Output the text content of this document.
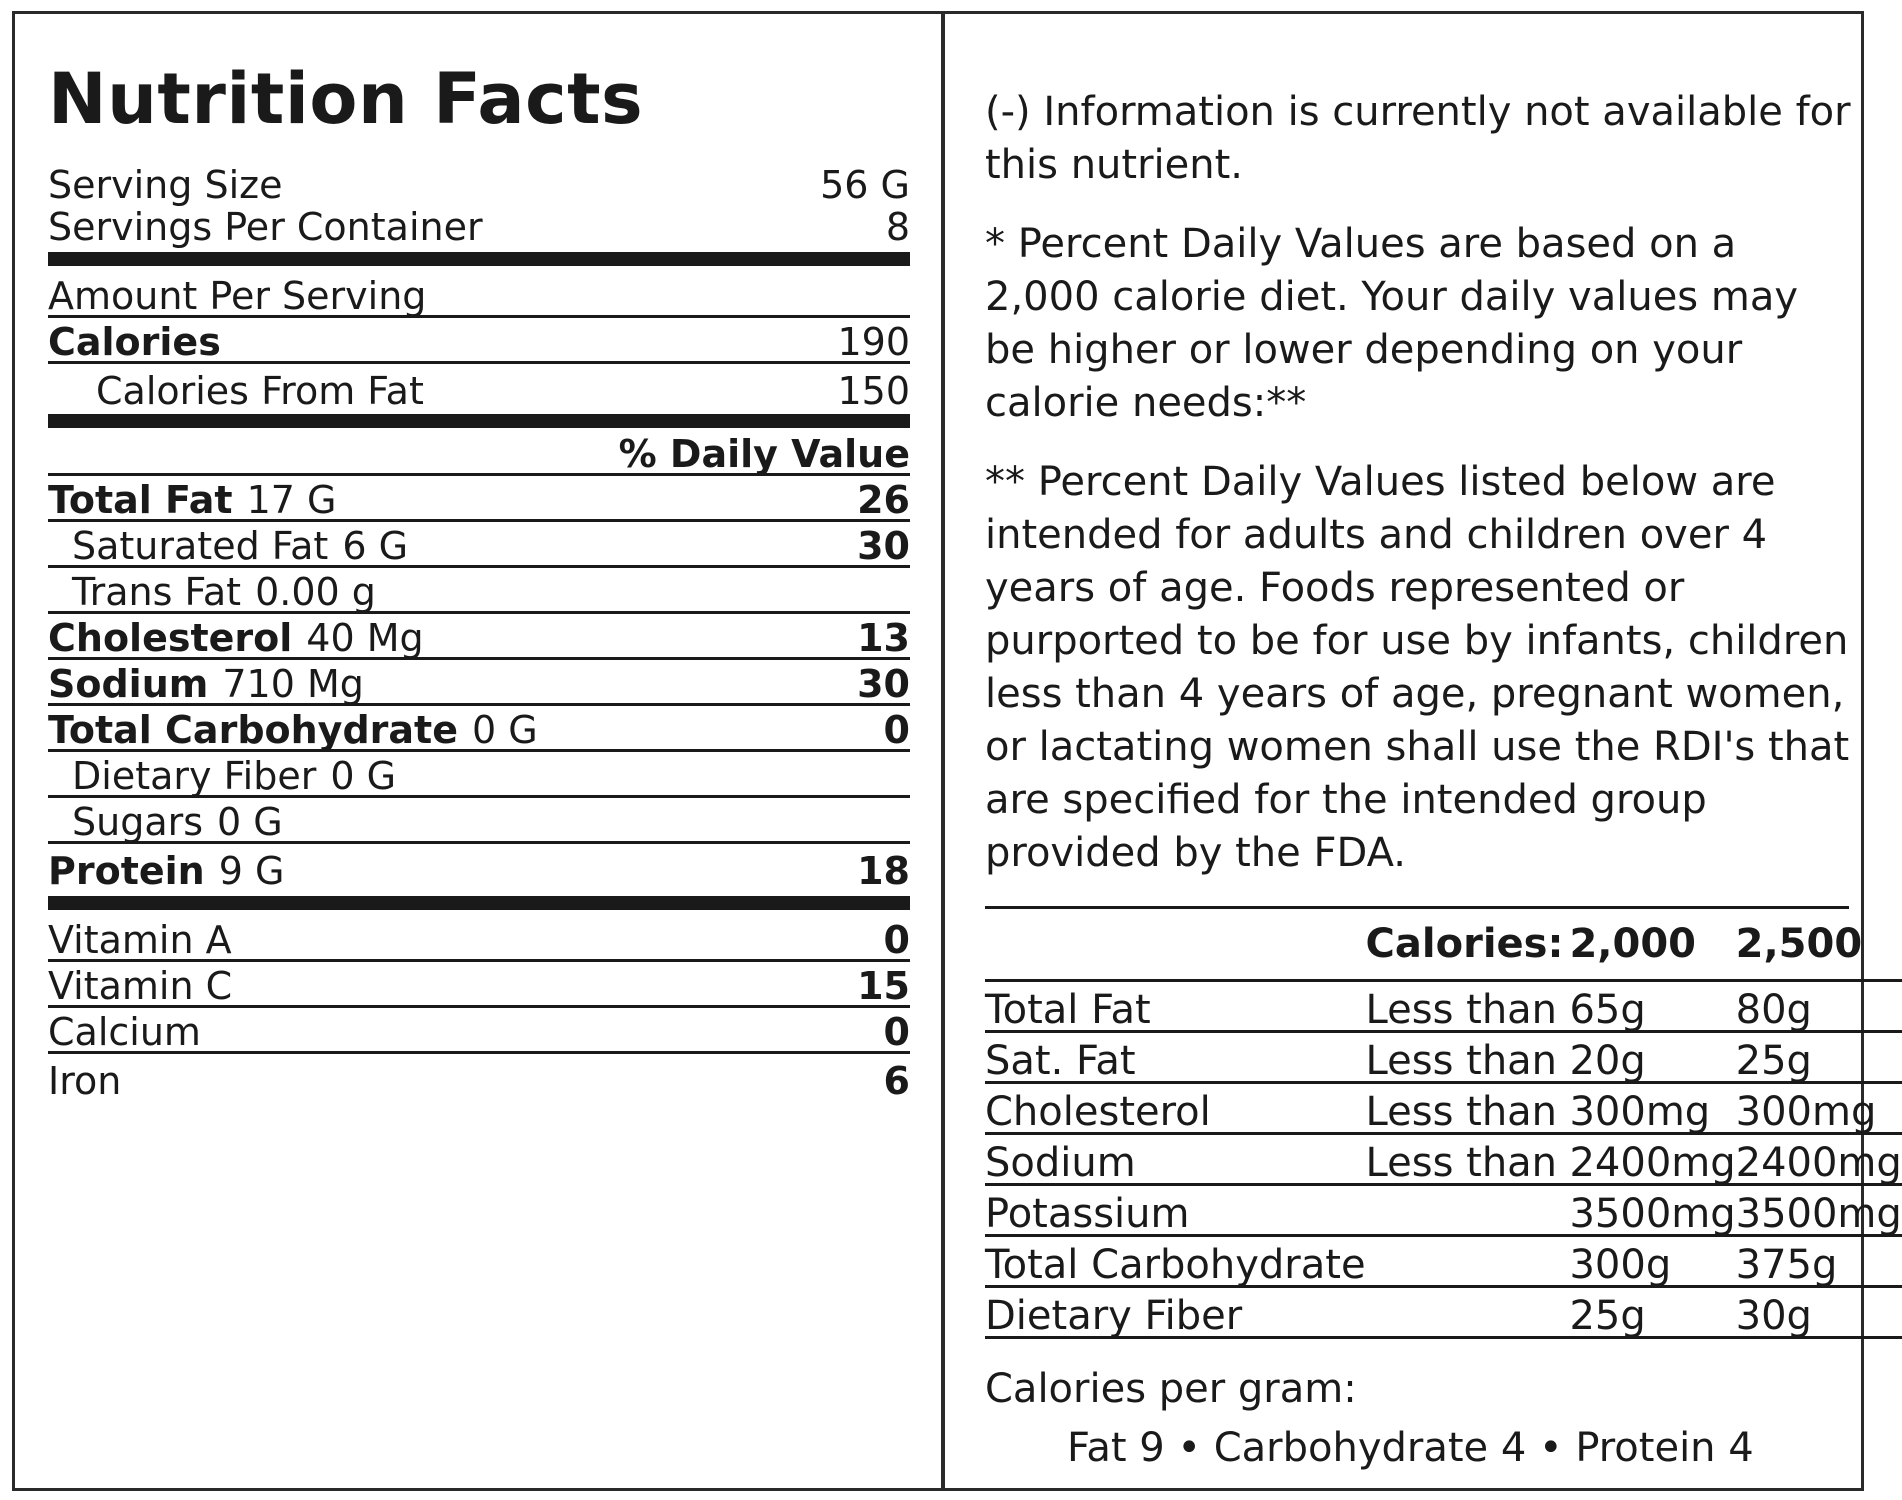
Nutrition Facts
Serving Size	56 G
Servings Per Container	8
Amount Per Serving
Calories	190
Calories From Fat	150
% Daily Value
Total Fat 17 G	26
Saturated Fat 6 G	30
Trans Fat 0.00 g
Cholesterol 40 Mg	13
Sodium 710 Mg	30
Total Carbohydrate 0 G	0
Dietary Fiber 0 G
Sugars 0 G
Protein 9 G	18
Vitamin A	0
Vitamin C	15
Calcium	0
Iron	6

(-) Information is currently not available for this nutrient.

* Percent Daily Values are based on a 2,000 calorie diet. Your daily values may be higher or lower depending on your calorie needs:**

** Percent Daily Values listed below are intended for adults and children over 4 years of age. Foods represented or purported to be for use by infants, children less than 4 years of age, pregnant women, or lactating women shall use the RDI's that are specified for the intended group provided by the FDA.

	Calories:	2,000	2,500
Total Fat	Less than	65g	80g
Sat. Fat	Less than	20g	25g
Cholesterol	Less than	300mg	300mg
Sodium	Less than	2400mg	2400mg
Potassium		3500mg	3500mg
Total Carbohydrate		300g	375g
Dietary Fiber		25g	30g
Calories per gram:
Fat 9 • Carbohydrate 4 • Protein 4
